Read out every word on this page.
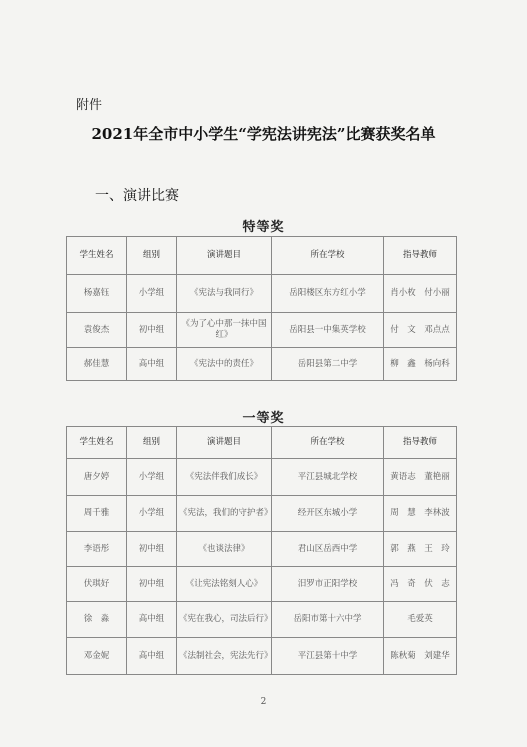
附件
2021年全市中小学生“学宪法讲宪法”比赛获奖名单
一、演讲比赛
特等奖
学生姓名	组别	演讲题目	所在学校	指导教师
杨嘉钰	小学组	《宪法与我同行》	岳阳楼区东方红小学	肖小枚　付小丽
袁俊杰	初中组	《为了心中那一抹中国红》	岳阳县一中集英学校	付　文　邓点点
郝佳慧	高中组	《宪法中的责任》	岳阳县第二中学	柳　鑫　杨向科
一等奖
学生姓名	组别	演讲题目	所在学校	指导教师
唐夕婷	小学组	《宪法伴我们成长》	平江县城北学校	黄语志　董艳丽
周千雅	小学组	《宪法，我们的守护者》	经开区东城小学	周　慧　李林波
李语彤	初中组	《也谈法律》	君山区岳西中学	郭　燕　王　玲
伏琪好	初中组	《让宪法铭刻人心》	汨罗市正阳学校	冯　奇　伏　志
徐　淼	高中组	《宪在我心，司法后行》	岳阳市第十六中学	毛爱英
邓金妮	高中组	《法制社会，宪法先行》	平江县第十中学	陈秋菊　刘建华
2
